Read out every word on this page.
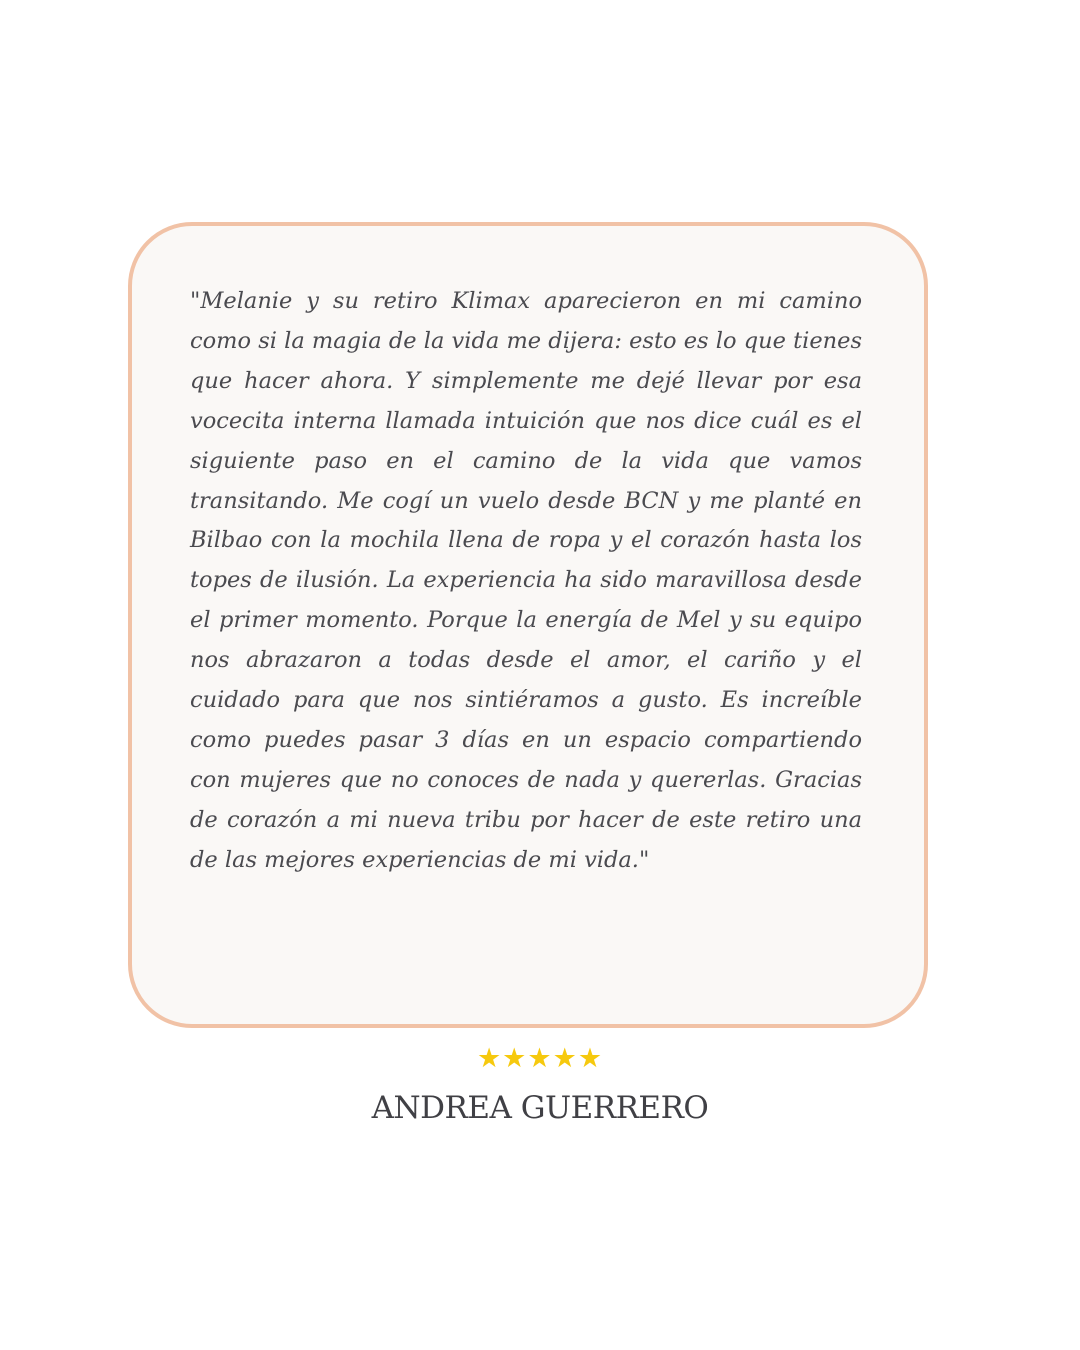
"Melanie y su retiro Klimax aparecieron en mi camino como si la magia de la vida me dijera: esto es lo que tienes que hacer ahora. Y simplemente me dejé llevar por esa vocecita interna llamada intuición que nos dice cuál es el siguiente paso en el camino de la vida que vamos transitando. Me cogí un vuelo desde BCN y me planté en Bilbao con la mochila llena de ropa y el corazón hasta los topes de ilusión. La experiencia ha sido maravillosa desde el primer momento. Porque la energía de Mel y su equipo nos abrazaron a todas desde el amor, el cariño y el cuidado para que nos sintiéramos a gusto. Es increíble como puedes pasar 3 días en un espacio compartiendo con mujeres que no conoces de nada y quererlas. Gracias de corazón a mi nueva tribu por hacer de este retiro una de las mejores experiencias de mi vida."

★★★★★
ANDREA GUERRERO
